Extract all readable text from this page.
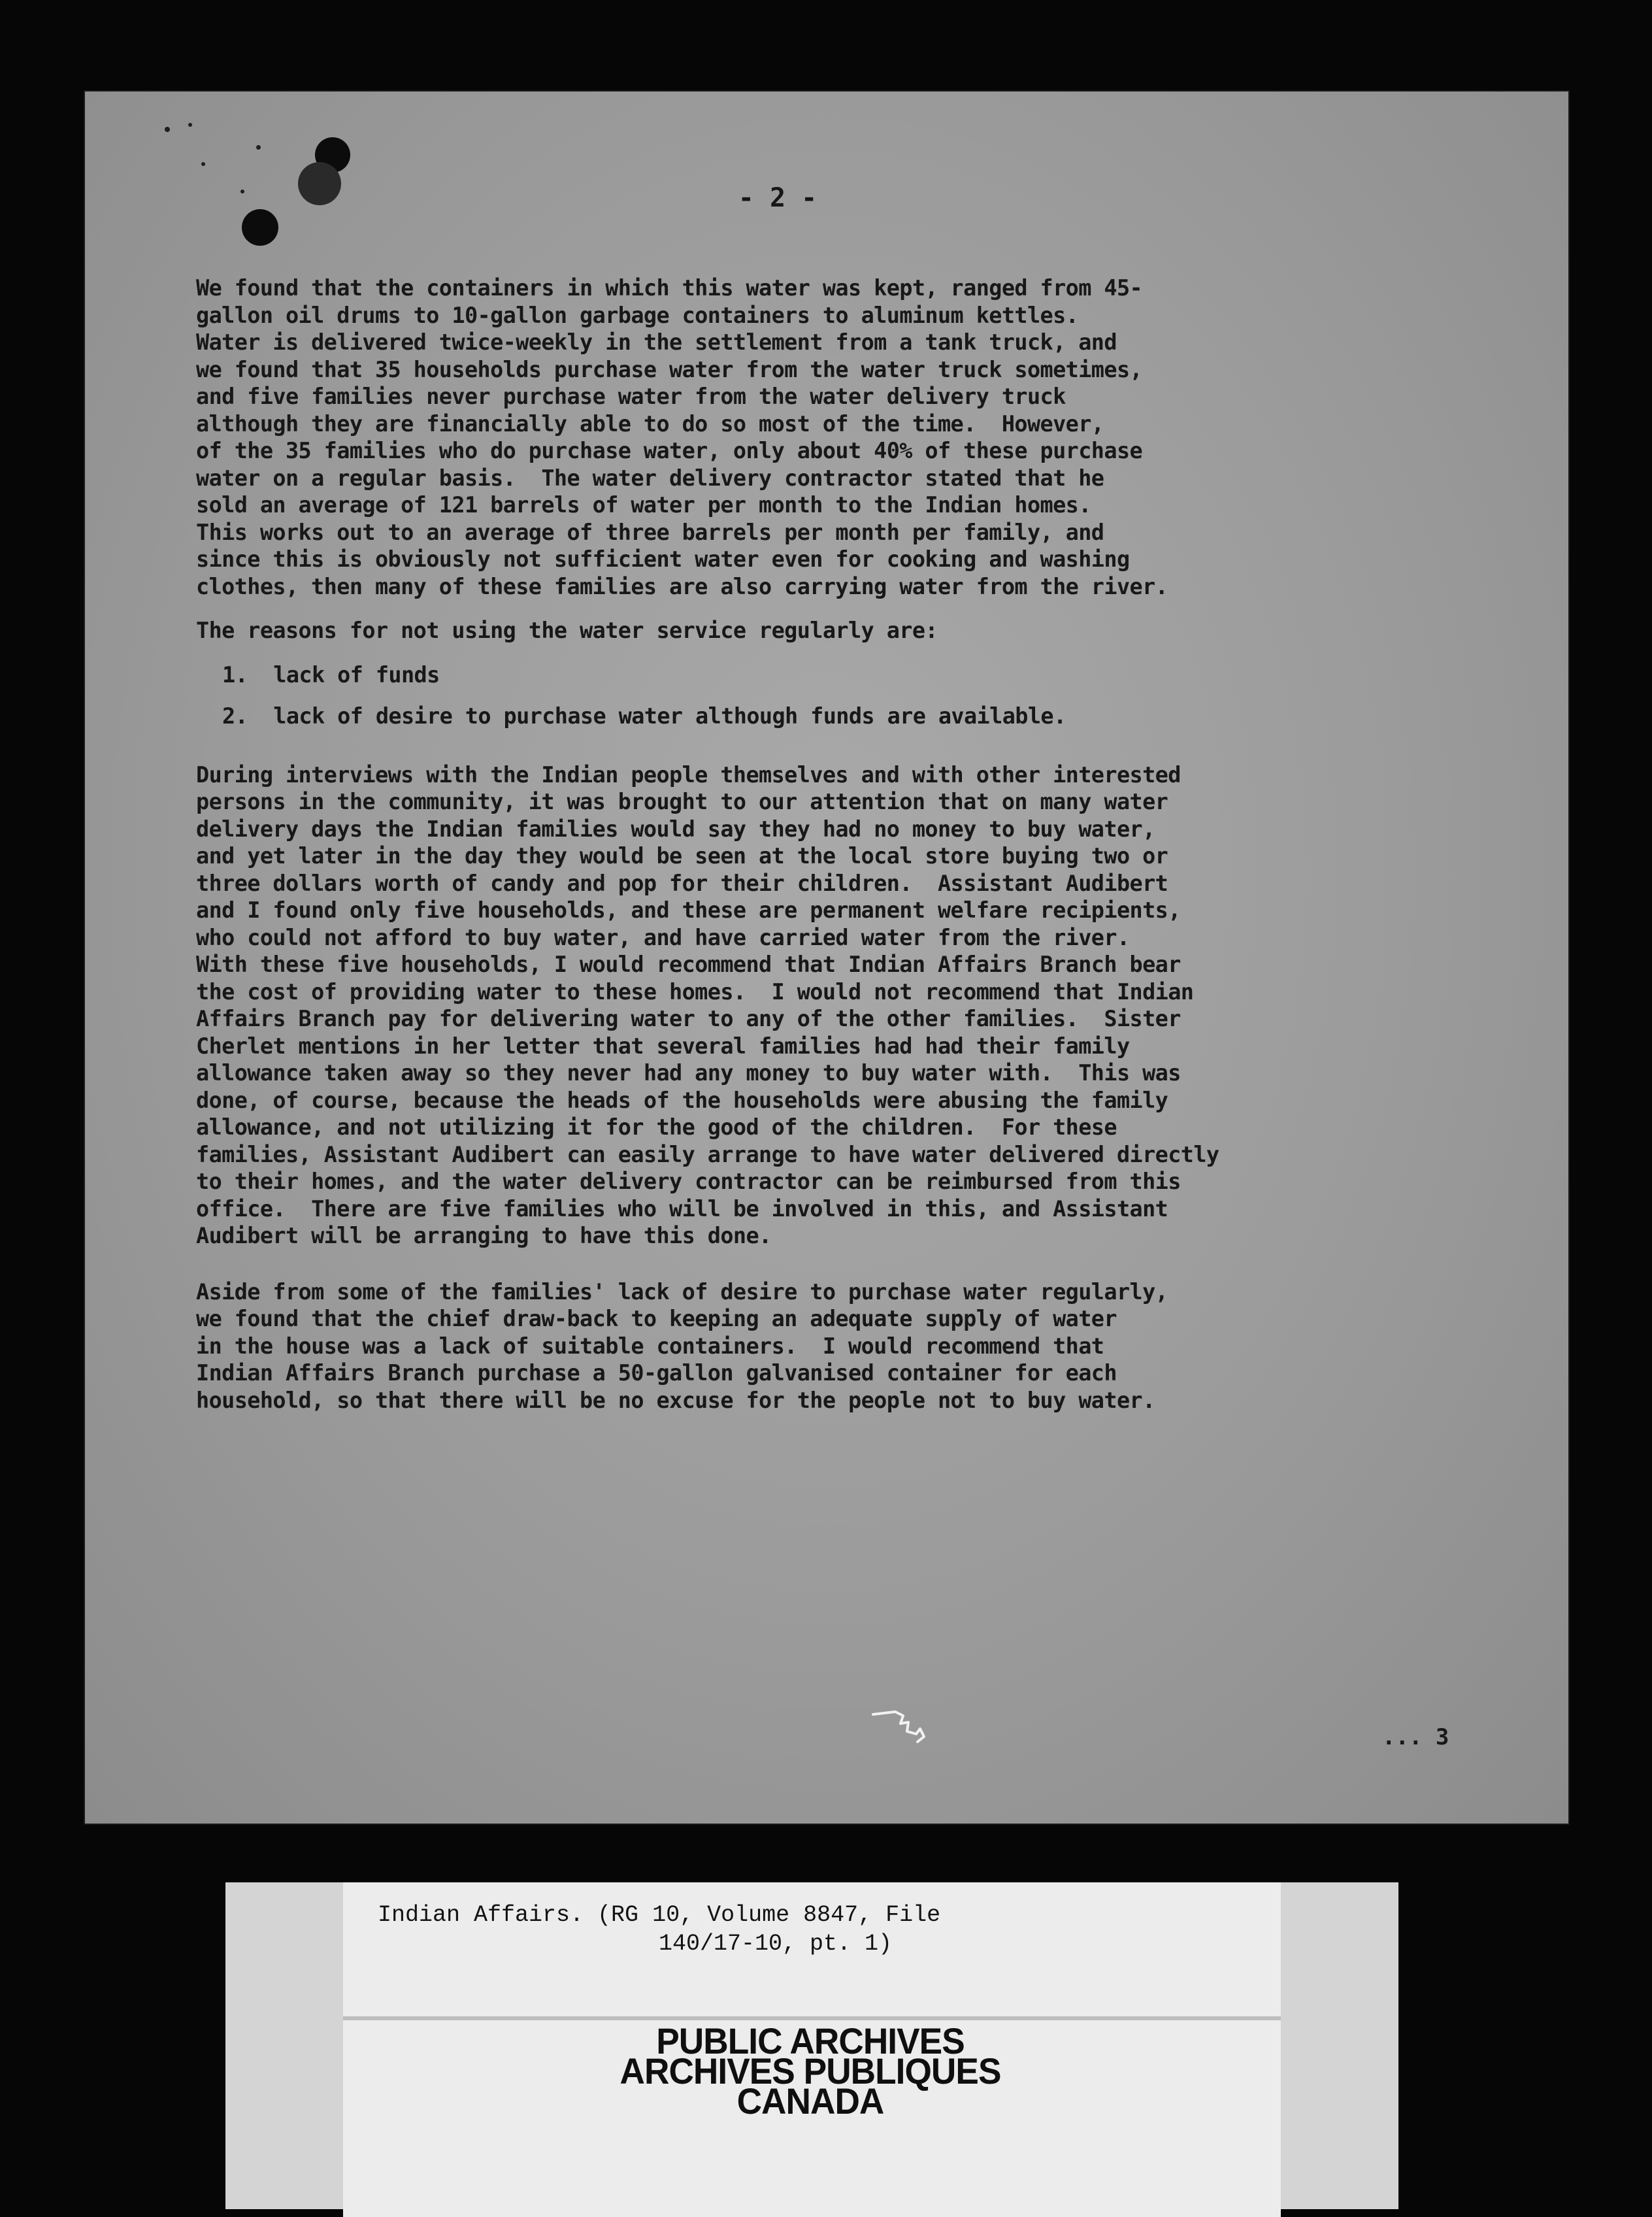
- 2 -

We found that the containers in which this water was kept, ranged from 45-

gallon oil drums to 10-gallon garbage containers to aluminum kettles.

Water is delivered twice-weekly in the settlement from a tank truck, and

we found that 35 households purchase water from the water truck sometimes,

and five families never purchase water from the water delivery truck

although they are financially able to do so most of the time.  However,

of the 35 families who do purchase water, only about 40% of these purchase

water on a regular basis.  The water delivery contractor stated that he

sold an average of 121 barrels of water per month to the Indian homes.

This works out to an average of three barrels per month per family, and

since this is obviously not sufficient water even for cooking and washing

clothes, then many of these families are also carrying water from the river.

The reasons for not using the water service regularly are:

1.  lack of funds
2.  lack of desire to purchase water although funds are available.

During interviews with the Indian people themselves and with other interested

persons in the community, it was brought to our attention that on many water

delivery days the Indian families would say they had no money to buy water,

and yet later in the day they would be seen at the local store buying two or

three dollars worth of candy and pop for their children.  Assistant Audibert

and I found only five households, and these are permanent welfare recipients,

who could not afford to buy water, and have carried water from the river.

With these five households, I would recommend that Indian Affairs Branch bear

the cost of providing water to these homes.  I would not recommend that Indian

Affairs Branch pay for delivering water to any of the other families.  Sister

Cherlet mentions in her letter that several families had had their family

allowance taken away so they never had any money to buy water with.  This was

done, of course, because the heads of the households were abusing the family

allowance, and not utilizing it for the good of the children.  For these

families, Assistant Audibert can easily arrange to have water delivered directly

to their homes, and the water delivery contractor can be reimbursed from this

office.  There are five families who will be involved in this, and Assistant

Audibert will be arranging to have this done.

Aside from some of the families' lack of desire to purchase water regularly,

we found that the chief draw-back to keeping an adequate supply of water

in the house was a lack of suitable containers.  I would recommend that

Indian Affairs Branch purchase a 50-gallon galvanised container for each

household, so that there will be no excuse for the people not to buy water.

... 3
Indian Affairs. (RG 10, Volume 8847, File
140/17-10, pt. 1)
PUBLIC ARCHIVES
ARCHIVES PUBLIQUES
CANADA
